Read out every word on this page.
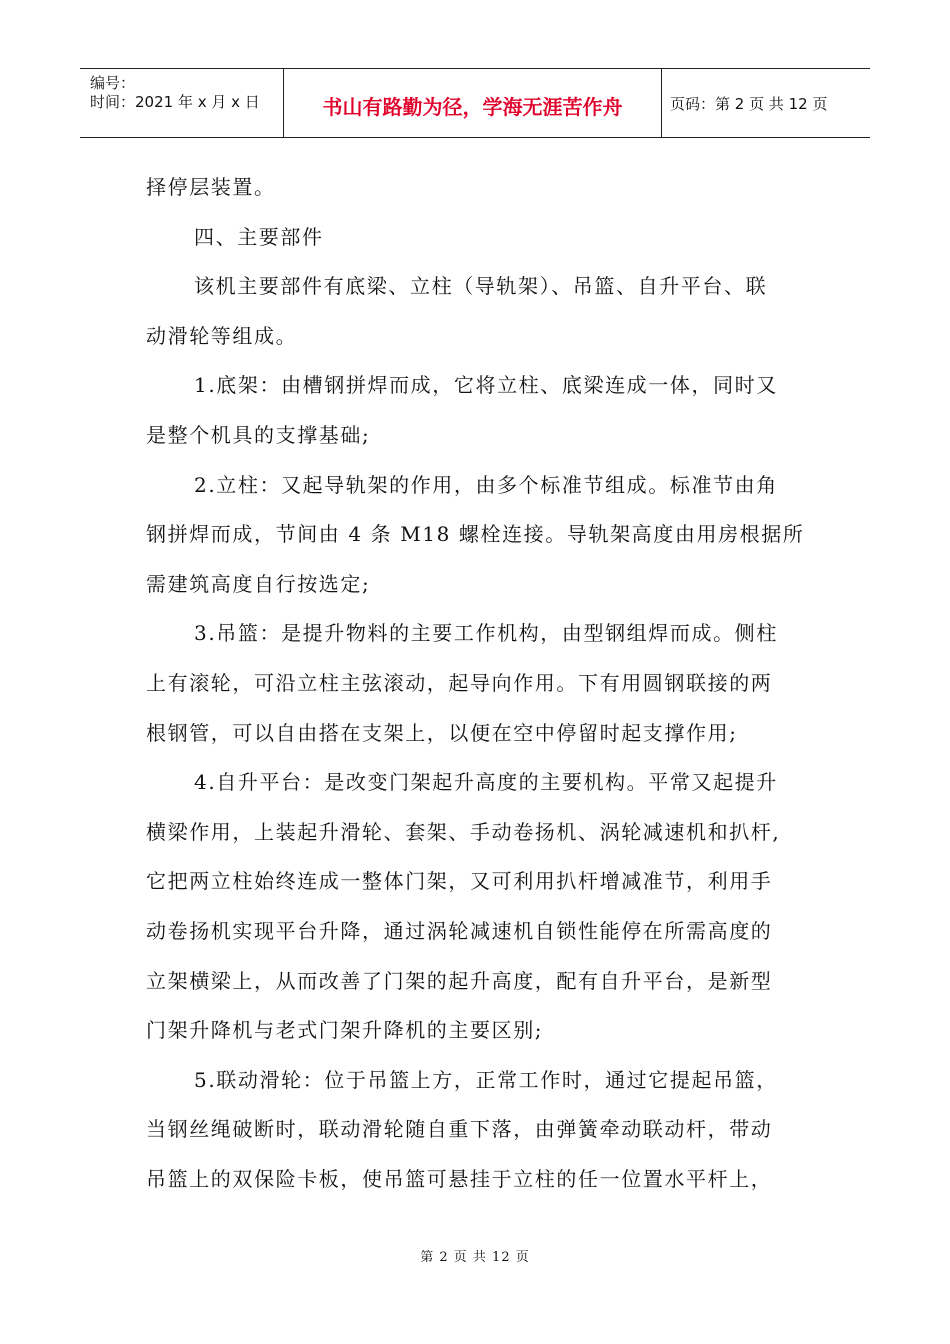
编号：
时间：2021 年 x 月 x 日	书山有路勤为径，学海无涯苦作舟	页码：第 2 页 共 12 页
择停层装置。
四、主要部件
该机主要部件有底梁、立柱（导轨架）、吊篮、自升平台、联
动滑轮等组成。
1.底架：由槽钢拼焊而成，它将立柱、底梁连成一体，同时又
是整个机具的支撑基础;
2.立柱：又起导轨架的作用，由多个标准节组成。标准节由角
钢拼焊而成，节间由 4 条 M18 螺栓连接。导轨架高度由用房根据所
需建筑高度自行按选定;
3.吊篮：是提升物料的主要工作机构，由型钢组焊而成。侧柱
上有滚轮，可沿立柱主弦滚动，起导向作用。下有用圆钢联接的两
根钢管，可以自由搭在支架上，以便在空中停留时起支撑作用;
4.自升平台：是改变门架起升高度的主要机构。平常又起提升
横梁作用，上装起升滑轮、套架、手动卷扬机、涡轮减速机和扒杆,
它把两立柱始终连成一整体门架，又可利用扒杆增减准节，利用手
动卷扬机实现平台升降，通过涡轮减速机自锁性能停在所需高度的
立架横梁上，从而改善了门架的起升高度，配有自升平台，是新型
门架升降机与老式门架升降机的主要区别;
5.联动滑轮：位于吊篮上方，正常工作时，通过它提起吊篮，
当钢丝绳破断时，联动滑轮随自重下落，由弹簧牵动联动杆，带动
吊篮上的双保险卡板，使吊篮可悬挂于立柱的任一位置水平杆上，
第 2 页 共 12 页
